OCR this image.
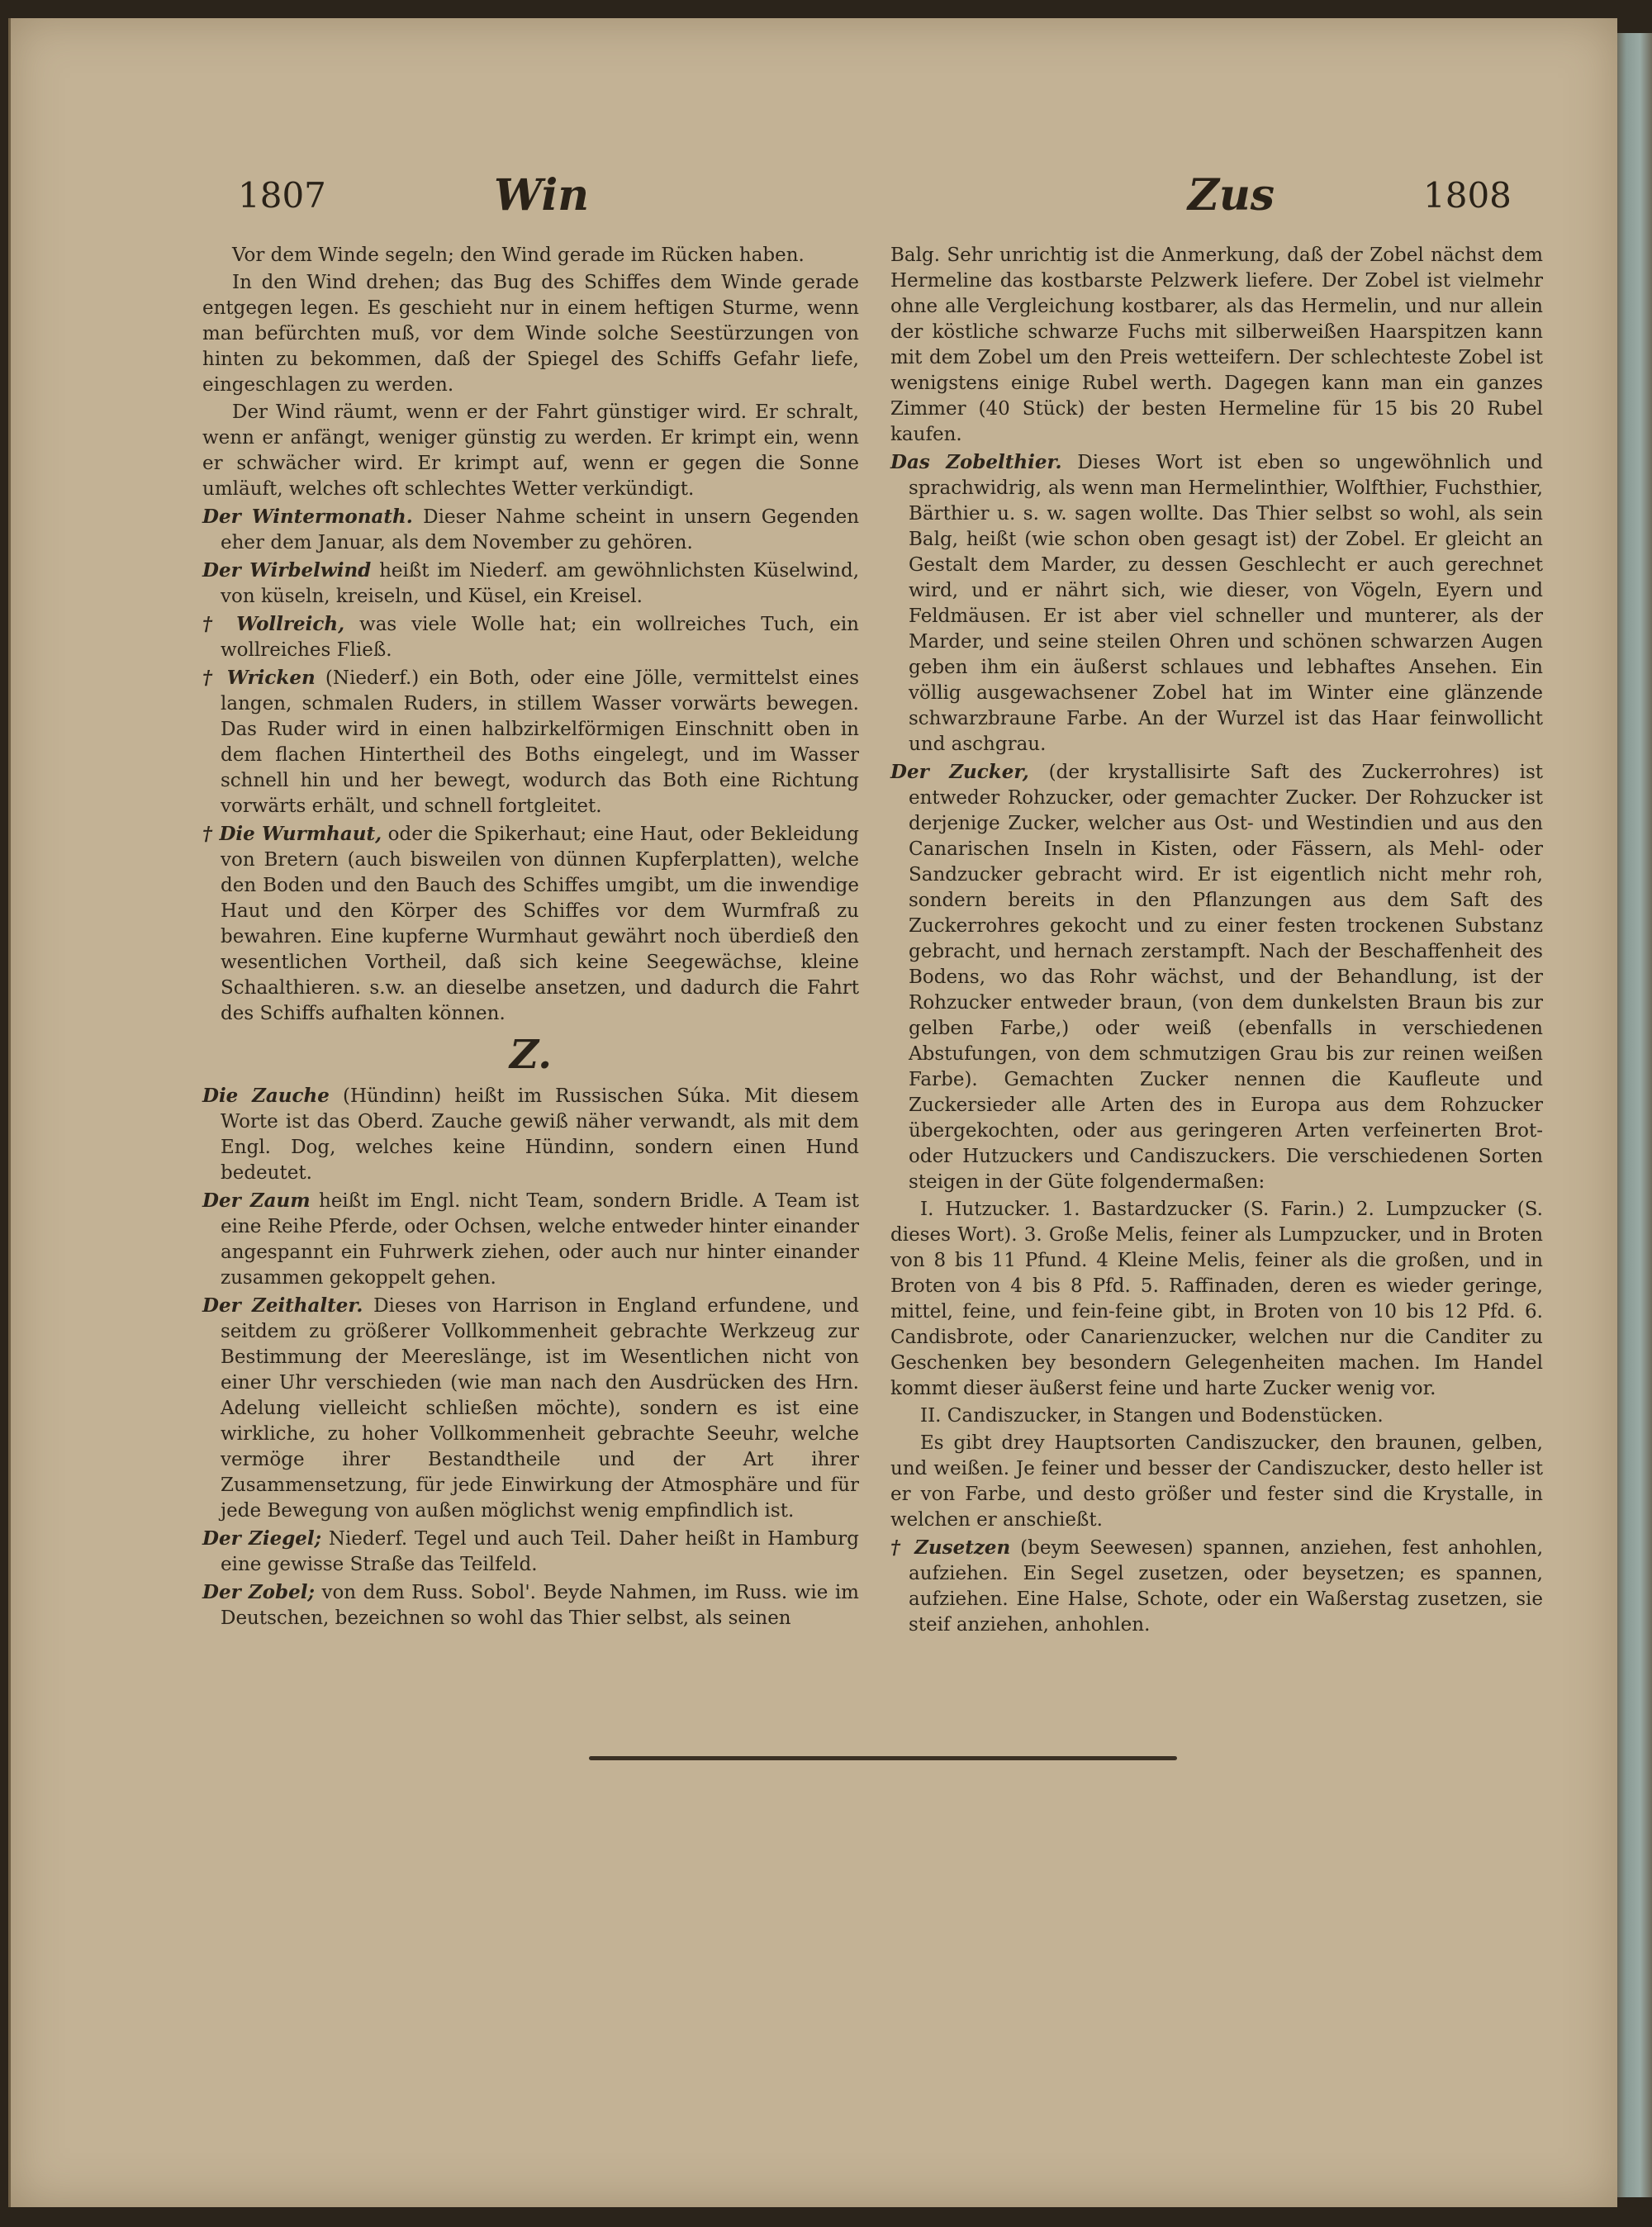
1807	Win	Zus	1808

Vor dem Winde segeln; den Wind gerade im Rücken haben.

In den Wind drehen; das Bug des Schiffes dem Winde gerade entgegen legen. Es geschieht nur in einem heftigen Sturme, wenn man befürchten muß, vor dem Winde solche Seestürzungen von hinten zu bekommen, daß der Spiegel des Schiffs Gefahr liefe, eingeschlagen zu werden.

Der Wind räumt, wenn er der Fahrt günstiger wird. Er schralt, wenn er anfängt, weniger günstig zu werden. Er krimpt ein, wenn er schwächer wird. Er krimpt auf, wenn er gegen die Sonne umläuft, welches oft schlechtes Wetter verkündigt.

Der Wintermonath. Dieser Nahme scheint in unsern Gegenden eher dem Januar, als dem November zu gehören.

Der Wirbelwind heißt im Niederf. am gewöhnlichsten Küselwind, von küseln, kreiseln, und Küsel, ein Kreisel.

† Wollreich, was viele Wolle hat; ein wollreiches Tuch, ein wollreiches Fließ.

† Wricken (Niederf.) ein Both, oder eine Jölle, vermittelst eines langen, schmalen Ruders, in stillem Wasser vorwärts bewegen. Das Ruder wird in einen halbzirkelförmigen Einschnitt oben in dem flachen Hintertheil des Boths eingelegt, und im Wasser schnell hin und her bewegt, wodurch das Both eine Richtung vorwärts erhält, und schnell fortgleitet.

† Die Wurmhaut, oder die Spikerhaut; eine Haut, oder Bekleidung von Bretern (auch bisweilen von dünnen Kupferplatten), welche den Boden und den Bauch des Schiffes umgibt, um die inwendige Haut und den Körper des Schiffes vor dem Wurmfraß zu bewahren. Eine kupferne Wurmhaut gewährt noch überdieß den wesentlichen Vortheil, daß sich keine Seegewächse, kleine Schaalthieren. s.w. an dieselbe ansetzen, und dadurch die Fahrt des Schiffs aufhalten können.

Z.

Die Zauche (Hündinn) heißt im Russischen Súka. Mit diesem Worte ist das Oberd. Zauche gewiß näher verwandt, als mit dem Engl. Dog, welches keine Hündinn, sondern einen Hund bedeutet.

Der Zaum heißt im Engl. nicht Team, sondern Bridle. A Team ist eine Reihe Pferde, oder Ochsen, welche entweder hinter einander angespannt ein Fuhrwerk ziehen, oder auch nur hinter einander zusammen gekoppelt gehen.

Der Zeithalter. Dieses von Harrison in England erfundene, und seitdem zu größerer Vollkommenheit gebrachte Werkzeug zur Bestimmung der Meereslänge, ist im Wesentlichen nicht von einer Uhr verschieden (wie man nach den Ausdrücken des Hrn. Adelung vielleicht schließen möchte), sondern es ist eine wirkliche, zu hoher Vollkommenheit gebrachte Seeuhr, welche vermöge ihrer Bestandtheile und der Art ihrer Zusammensetzung, für jede Einwirkung der Atmosphäre und für jede Bewegung von außen möglichst wenig empfindlich ist.

Der Ziegel; Niederf. Tegel und auch Teil. Daher heißt in Hamburg eine gewisse Straße das Teilfeld.

Der Zobel; von dem Russ. Sobol'. Beyde Nahmen, im Russ. wie im Deutschen, bezeichnen so wohl das Thier selbst, als seinen

Balg. Sehr unrichtig ist die Anmerkung, daß der Zobel nächst dem Hermeline das kostbarste Pelzwerk liefere. Der Zobel ist vielmehr ohne alle Vergleichung kostbarer, als das Hermelin, und nur allein der köstliche schwarze Fuchs mit silberweißen Haarspitzen kann mit dem Zobel um den Preis wetteifern. Der schlechteste Zobel ist wenigstens einige Rubel werth. Dagegen kann man ein ganzes Zimmer (40 Stück) der besten Hermeline für 15 bis 20 Rubel kaufen.

Das Zobelthier. Dieses Wort ist eben so ungewöhnlich und sprachwidrig, als wenn man Hermelinthier, Wolfthier, Fuchsthier, Bärthier u. s. w. sagen wollte. Das Thier selbst so wohl, als sein Balg, heißt (wie schon oben gesagt ist) der Zobel. Er gleicht an Gestalt dem Marder, zu dessen Geschlecht er auch gerechnet wird, und er nährt sich, wie dieser, von Vögeln, Eyern und Feldmäusen. Er ist aber viel schneller und munterer, als der Marder, und seine steilen Ohren und schönen schwarzen Augen geben ihm ein äußerst schlaues und lebhaftes Ansehen. Ein völlig ausgewachsener Zobel hat im Winter eine glänzende schwarzbraune Farbe. An der Wurzel ist das Haar feinwollicht und aschgrau.

Der Zucker, (der krystallisirte Saft des Zuckerrohres) ist entweder Rohzucker, oder gemachter Zucker. Der Rohzucker ist derjenige Zucker, welcher aus Ost- und Westindien und aus den Canarischen Inseln in Kisten, oder Fässern, als Mehl- oder Sandzucker gebracht wird. Er ist eigentlich nicht mehr roh, sondern bereits in den Pflanzungen aus dem Saft des Zuckerrohres gekocht und zu einer festen trockenen Substanz gebracht, und hernach zerstampft. Nach der Beschaffenheit des Bodens, wo das Rohr wächst, und der Behandlung, ist der Rohzucker entweder braun, (von dem dunkelsten Braun bis zur gelben Farbe,) oder weiß (ebenfalls in verschiedenen Abstufungen, von dem schmutzigen Grau bis zur reinen weißen Farbe). Gemachten Zucker nennen die Kaufleute und Zuckersieder alle Arten des in Europa aus dem Rohzucker übergekochten, oder aus geringeren Arten verfeinerten Brot- oder Hutzuckers und Candiszuckers. Die verschiedenen Sorten steigen in der Güte folgendermaßen:

I. Hutzucker. 1. Bastardzucker (S. Farin.) 2. Lumpzucker (S. dieses Wort). 3. Große Melis, feiner als Lumpzucker, und in Broten von 8 bis 11 Pfund. 4 Kleine Melis, feiner als die großen, und in Broten von 4 bis 8 Pfd. 5. Raffinaden, deren es wieder geringe, mittel, feine, und fein-feine gibt, in Broten von 10 bis 12 Pfd. 6. Candisbrote, oder Canarienzucker, welchen nur die Canditer zu Geschenken bey besondern Gelegenheiten machen. Im Handel kommt dieser äußerst feine und harte Zucker wenig vor.

II. Candiszucker, in Stangen und Bodenstücken.

Es gibt drey Hauptsorten Candiszucker, den braunen, gelben, und weißen. Je feiner und besser der Candiszucker, desto heller ist er von Farbe, und desto größer und fester sind die Krystalle, in welchen er anschießt.

† Zusetzen (beym Seewesen) spannen, anziehen, fest anhohlen, aufziehen. Ein Segel zusetzen, oder beysetzen; es spannen, aufziehen. Eine Halse, Schote, oder ein Waßerstag zusetzen, sie steif anziehen, anhohlen.
